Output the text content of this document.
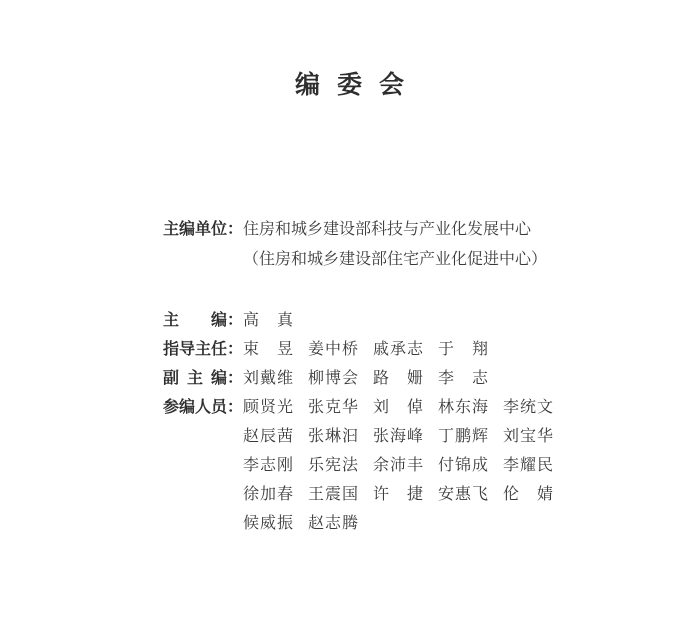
编 委 会
主编单位 ： 住房和城乡建设部科技与产业化发展中心
（住房和城乡建设部住宅产业化促进中心）
主 编 ： 高 真
指导主任 ： 束 昱 姜中桥 戚承志 于 翔
副 主 编 ： 刘戴维 柳博会 路 姗 李 志
参编人员 ： 顾贤光 张克华 刘 倬 林东海 李统文
赵辰茜 张琳汩 张海峰 丁鹏辉 刘宝华
李志刚 乐宪法 余沛丰 付锦成 李耀民
徐加春 王震国 许 捷 安惠飞 伦 婧
候威振 赵志腾
